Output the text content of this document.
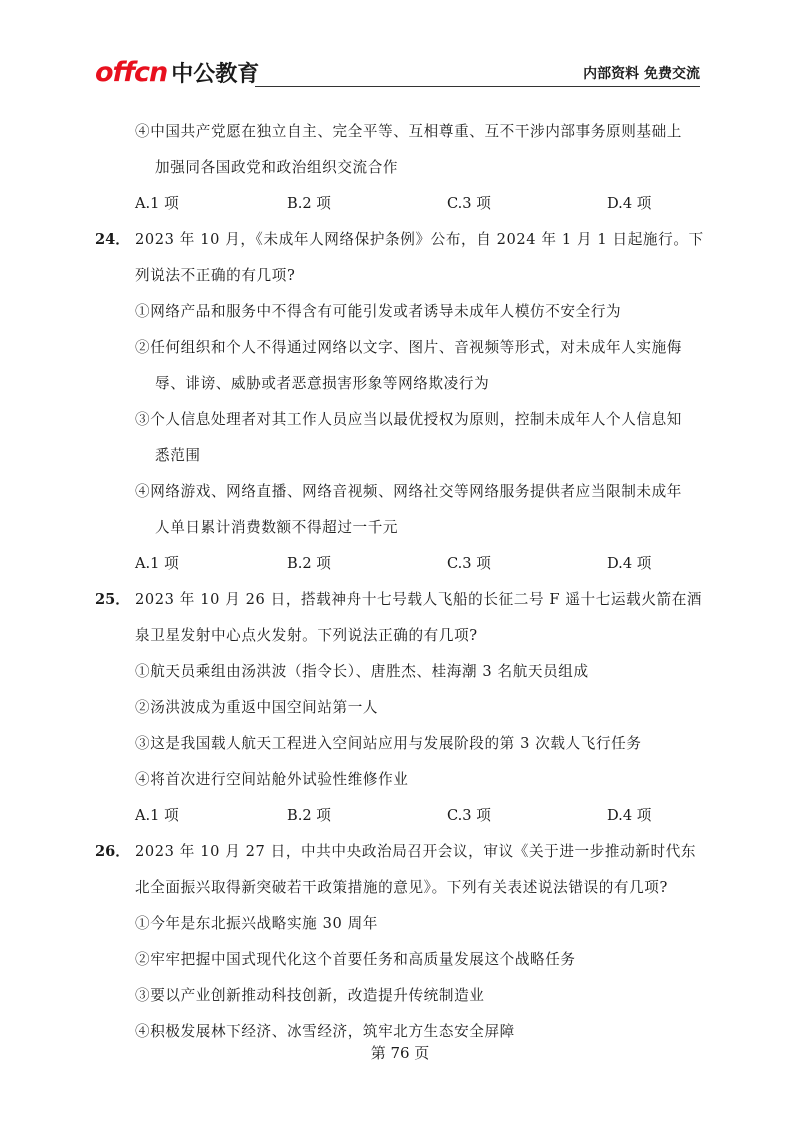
offcn 中公教育	内部资料 免费交流
④中国共产党愿在独立自主、完全平等、互相尊重、互不干涉内部事务原则基础上
加强同各国政党和政治组织交流合作
A.1 项	B.2 项	C.3 项	D.4 项
24． 2023 年 10 月，《未成年人网络保护条例》公布，自 2024 年 1 月 1 日起施行。下
列说法不正确的有几项?
①网络产品和服务中不得含有可能引发或者诱导未成年人模仿不安全行为
②任何组织和个人不得通过网络以文字、图片、音视频等形式，对未成年人实施侮
辱、诽谤、威胁或者恶意损害形象等网络欺凌行为
③个人信息处理者对其工作人员应当以最优授权为原则，控制未成年人个人信息知
悉范围
④网络游戏、网络直播、网络音视频、网络社交等网络服务提供者应当限制未成年
人单日累计消费数额不得超过一千元
A.1 项	B.2 项	C.3 项	D.4 项
25． 2023 年 10 月 26 日，搭载神舟十七号载人飞船的长征二号 F 遥十七运载火箭在酒
泉卫星发射中心点火发射。下列说法正确的有几项?
①航天员乘组由汤洪波（指令长）、唐胜杰、桂海潮 3 名航天员组成
②汤洪波成为重返中国空间站第一人
③这是我国载人航天工程进入空间站应用与发展阶段的第 3 次载人飞行任务
④将首次进行空间站舱外试验性维修作业
A.1 项	B.2 项	C.3 项	D.4 项
26． 2023 年 10 月 27 日，中共中央政治局召开会议，审议《关于进一步推动新时代东
北全面振兴取得新突破若干政策措施的意见》。下列有关表述说法错误的有几项?
①今年是东北振兴战略实施 30 周年
②牢牢把握中国式现代化这个首要任务和高质量发展这个战略任务
③要以产业创新推动科技创新，改造提升传统制造业
④积极发展林下经济、冰雪经济，筑牢北方生态安全屏障
第 76 页
